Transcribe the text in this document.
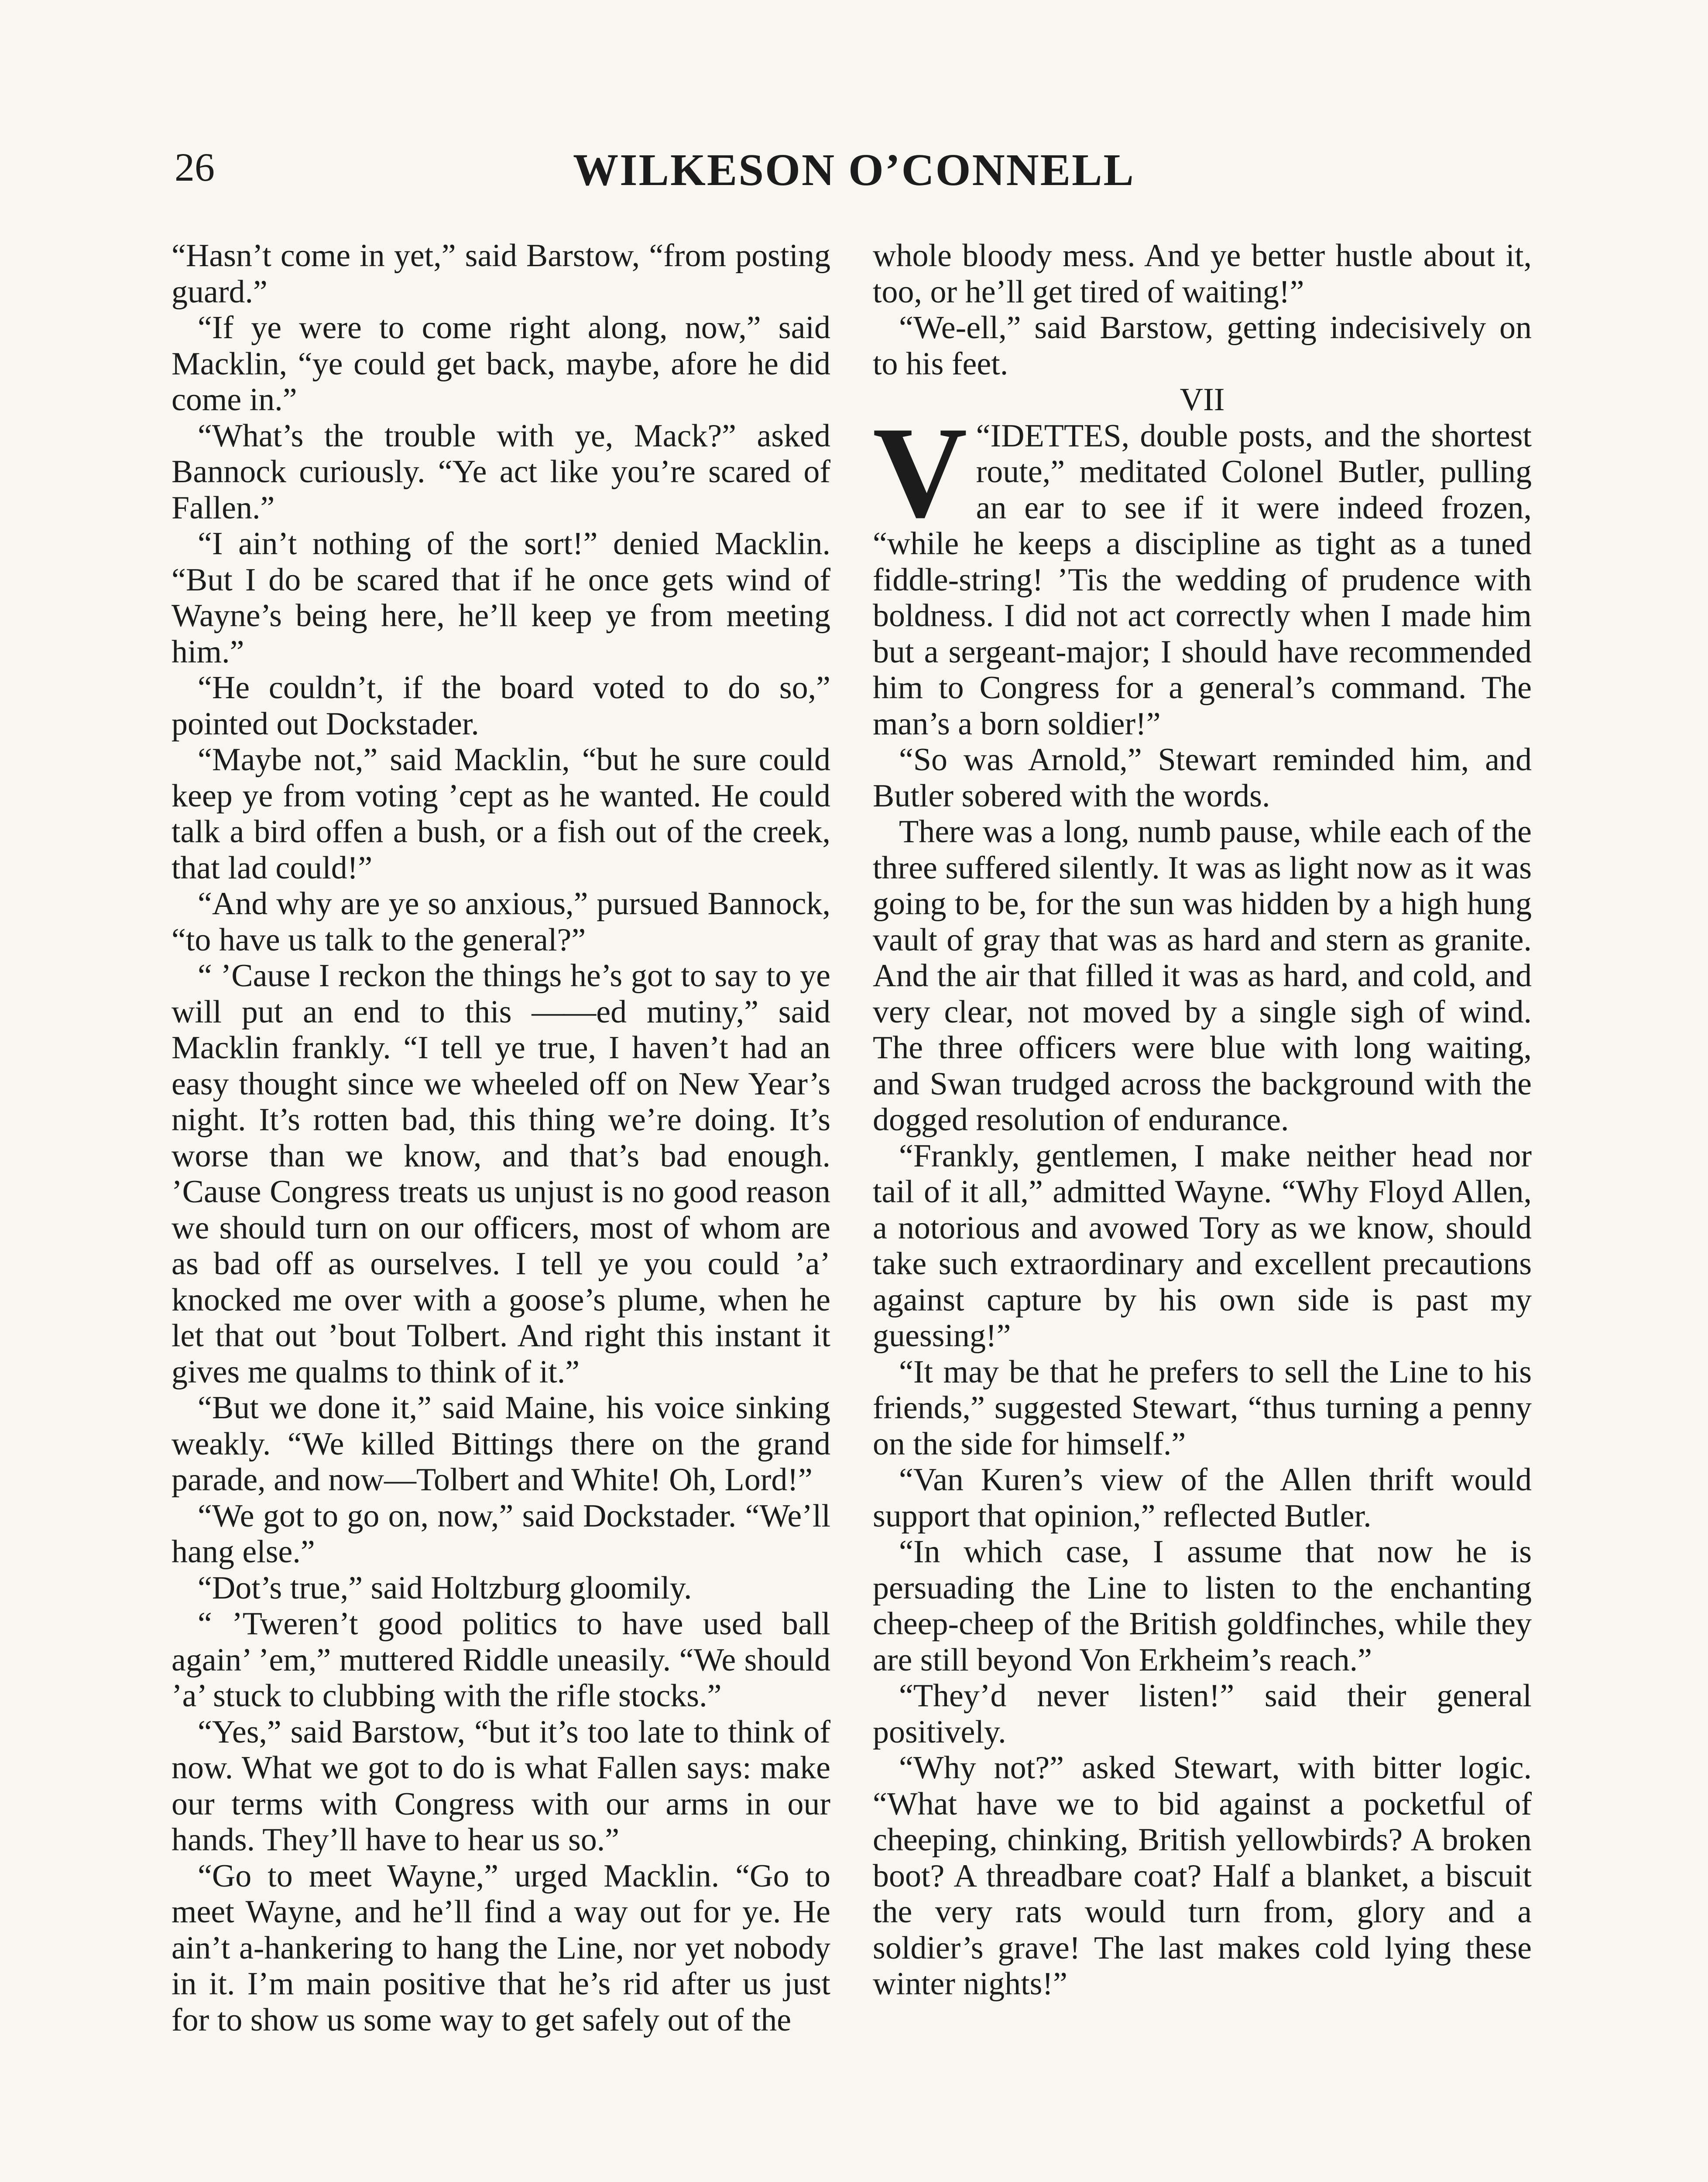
26	WILKESON O’CONNELL

“Hasn’t come in yet,” said Barstow, “from posting guard.”

“If ye were to come right along, now,” said Macklin, “ye could get back, maybe, afore he did come in.”

“What’s the trouble with ye, Mack?” asked Bannock curiously. “Ye act like you’re scared of Fallen.”

“I ain’t nothing of the sort!” denied Macklin. “But I do be scared that if he once gets wind of Wayne’s being here, he’ll keep ye from meeting him.”

“He couldn’t, if the board voted to do so,” pointed out Dockstader.

“Maybe not,” said Macklin, “but he sure could keep ye from voting ’cept as he wanted. He could talk a bird offen a bush, or a fish out of the creek, that lad could!”

“And why are ye so anxious,” pursued Bannock, “to have us talk to the general?”

“ ’Cause I reckon the things he’s got to say to ye will put an end to this ——ed mutiny,” said Macklin frankly. “I tell ye true, I haven’t had an easy thought since we wheeled off on New Year’s night. It’s rotten bad, this thing we’re doing. It’s worse than we know, and that’s bad enough. ’Cause Congress treats us unjust is no good reason we should turn on our officers, most of whom are as bad off as ourselves. I tell ye you could ’a’ knocked me over with a goose’s plume, when he let that out ’bout Tolbert. And right this instant it gives me qualms to think of it.”

“But we done it,” said Maine, his voice sinking weakly. “We killed Bittings there on the grand parade, and now—Tolbert and White! Oh, Lord!”

“We got to go on, now,” said Dockstader. “We’ll hang else.”

“Dot’s true,” said Holtzburg gloomily.

“ ’Tweren’t good politics to have used ball again’ ’em,” muttered Riddle uneasily. “We should ’a’ stuck to clubbing with the rifle stocks.”

“Yes,” said Barstow, “but it’s too late to think of now. What we got to do is what Fallen says: make our terms with Congress with our arms in our hands. They’ll have to hear us so.”

“Go to meet Wayne,” urged Macklin. “Go to meet Wayne, and he’ll find a way out for ye. He ain’t a-hankering to hang the Line, nor yet nobody in it. I’m main positive that he’s rid after us just for to show us some way to get safely out of the

whole bloody mess. And ye better hustle about it, too, or he’ll get tired of waiting!”

“We-ell,” said Barstow, getting indecisively on to his feet.

VII

“
V IDETTES, double posts, and the shortest route,” meditated Colonel Butler, pulling an ear to see if it were indeed frozen, “while he keeps a discipline as tight as a tuned fiddle-string! ’Tis the wedding of prudence with boldness. I did not act correctly when I made him but a sergeant-major; I should have recommended him to Congress for a general’s command. The man’s a born soldier!”

“So was Arnold,” Stewart reminded him, and Butler sobered with the words.

There was a long, numb pause, while each of the three suffered silently. It was as light now as it was going to be, for the sun was hidden by a high hung vault of gray that was as hard and stern as granite. And the air that filled it was as hard, and cold, and very clear, not moved by a single sigh of wind. The three officers were blue with long waiting, and Swan trudged across the background with the dogged resolution of endurance.

“Frankly, gentlemen, I make neither head nor tail of it all,” admitted Wayne. “Why Floyd Allen, a notorious and avowed Tory as we know, should take such extraordinary and excellent precautions against capture by his own side is past my guessing!”

“It may be that he prefers to sell the Line to his friends,” suggested Stewart, “thus turning a penny on the side for himself.”

“Van Kuren’s view of the Allen thrift would support that opinion,” reflected Butler.

“In which case, I assume that now he is persuading the Line to listen to the enchanting cheep-cheep of the British goldfinches, while they are still beyond Von Erkheim’s reach.”

“They’d never listen!” said their general positively.

“Why not?” asked Stewart, with bitter logic. “What have we to bid against a pocketful of cheeping, chinking, British yellowbirds? A broken boot? A threadbare coat? Half a blanket, a biscuit the very rats would turn from, glory and a soldier’s grave! The last makes cold lying these winter nights!”
